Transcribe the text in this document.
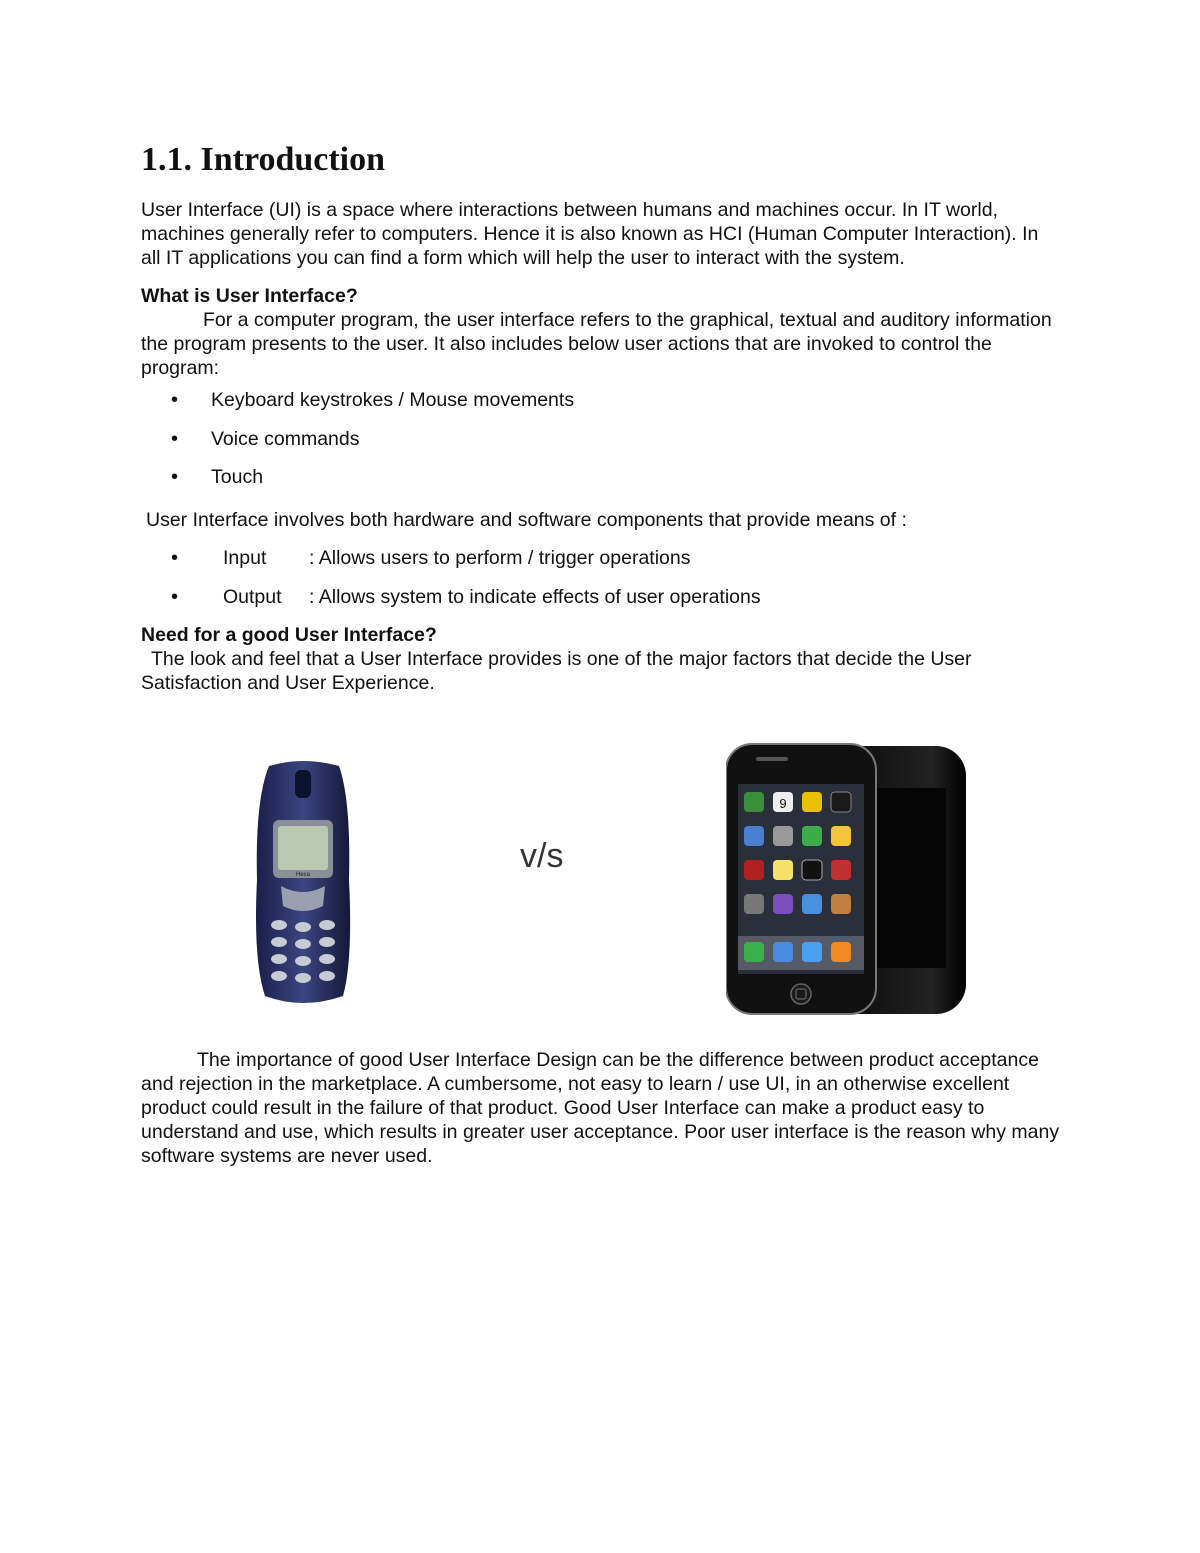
1.1. Introduction

User Interface (UI) is a space where interactions between humans and machines occur. In IT world, machines generally refer to computers. Hence it is also known as HCI (Human Computer Interaction). In all IT applications you can find a form which will help the user to interact with the system.

What is User Interface?

For a computer program, the user interface refers to the graphical, textual and auditory information the program presents to the user. It also includes below user actions that are invoked to control the program:

• Keyboard keystrokes / Mouse movements
• Voice commands
• Touch

User Interface involves both hardware and software components that provide means of :

• Input : Allows users to perform / trigger operations
• Output : Allows system to indicate effects of user operations

Need for a good User Interface?

The look and feel that a User Interface provides is one of the major factors that decide the User Satisfaction and User Experience.

Hexa	v/s
9

The importance of good User Interface Design can be the difference between product acceptance and rejection in the marketplace. A cumbersome, not easy to learn / use UI, in an otherwise excellent product could result in the failure of that product. Good User Interface can make a product easy to understand and use, which results in greater user acceptance. Poor user interface is the reason why many software systems are never used.
